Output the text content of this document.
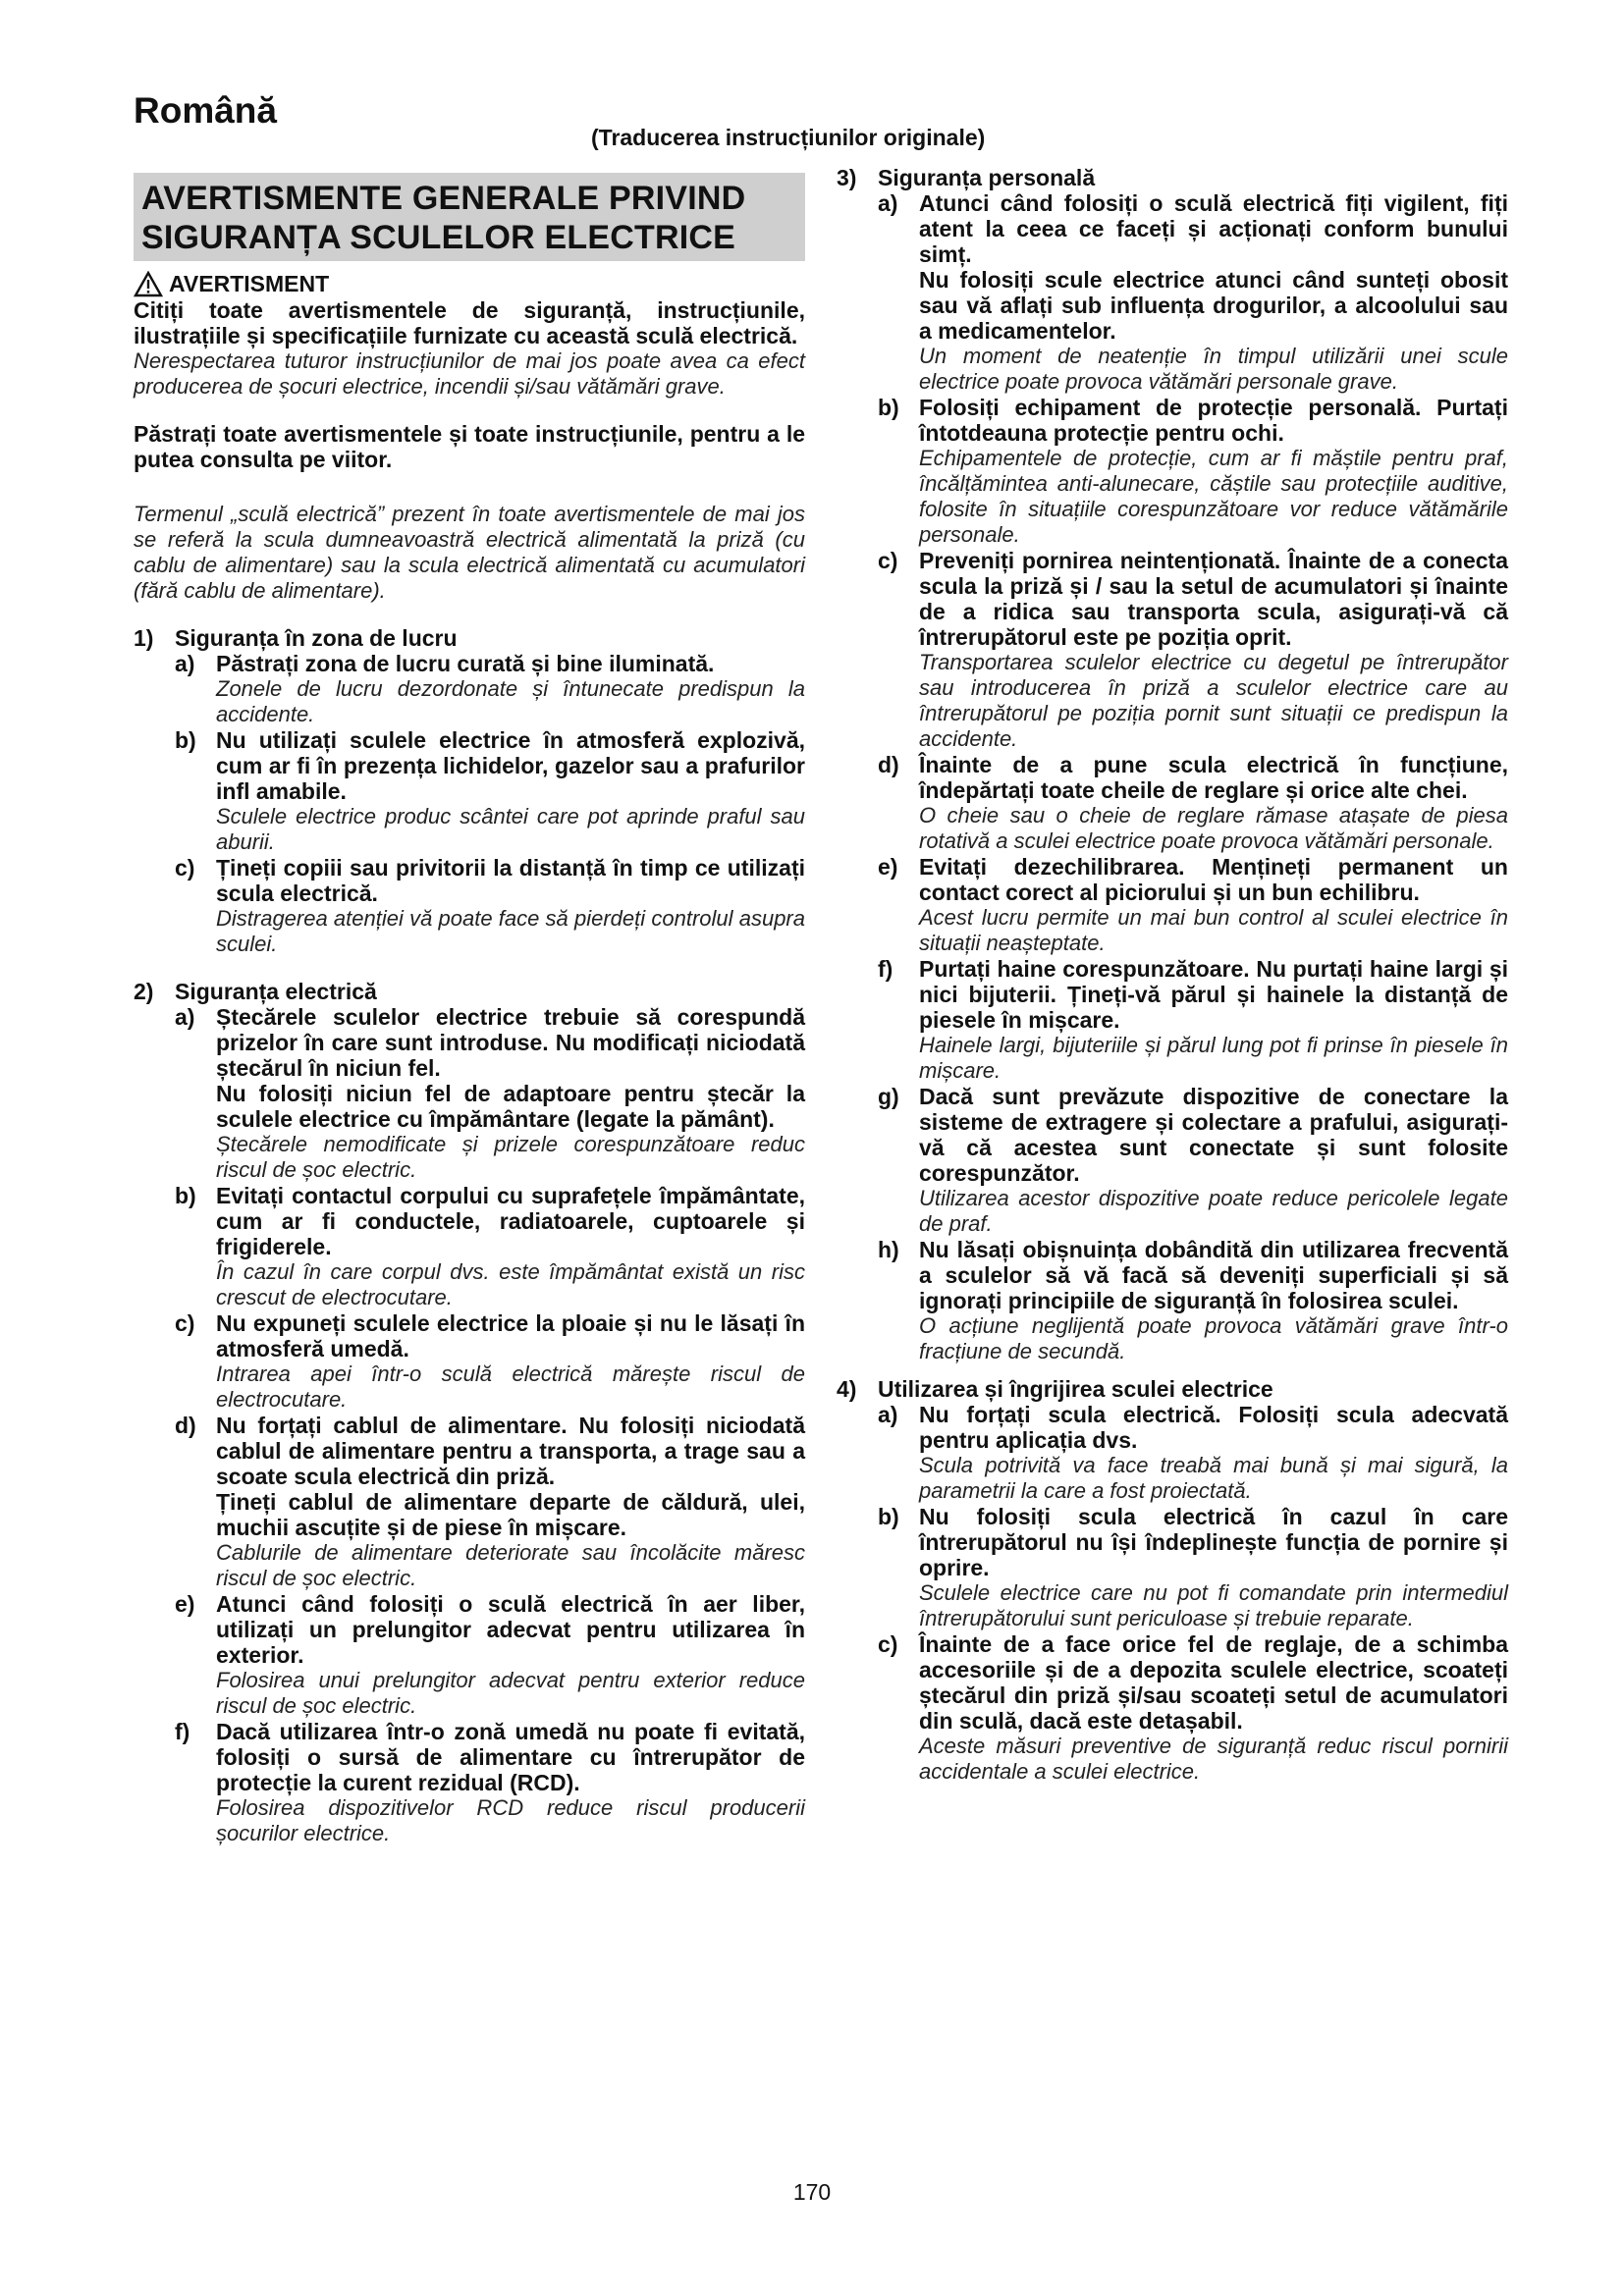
Română
(Traducerea instrucțiunilor originale)
AVERTISMENTE GENERALE PRIVIND
SIGURANȚA SCULELOR ELECTRICE
AVERTISMENT

Citiți toate avertismentele de siguranță, instrucțiunile, ilustrațiile și specificațiile furnizate cu această sculă electrică.

Nerespectarea tuturor instrucțiunilor de mai jos poate avea ca efect producerea de șocuri electrice, incendii și/sau vătămări grave.

Păstrați toate avertismentele și toate instrucțiunile, pentru a le putea consulta pe viitor.

Termenul „sculă electrică” prezent în toate avertismentele de mai jos se referă la scula dumneavoastră electrică alimentată la priză (cu cablu de alimentare) sau la scula electrică alimentată cu acumulatori (fără cablu de alimentare).

1) Siguranța în zona de lucru
a) Păstrați zona de lucru curată și bine iluminată.

Zonele de lucru dezordonate și întunecate predispun la accidente.

b) Nu utilizați sculele electrice în atmosferă explozivă, cum ar fi în prezența lichidelor, gazelor sau a prafurilor infl amabile.

Sculele electrice produc scântei care pot aprinde praful sau aburii.

c) Țineți copiii sau privitorii la distanță în timp ce utilizați scula electrică.

Distragerea atenției vă poate face să pierdeți controlul asupra sculei.

2) Siguranța electrică
a) Ștecărele sculelor electrice trebuie să corespundă prizelor în care sunt introduse. Nu modificați niciodată ștecărul în niciun fel.

Nu folosiți niciun fel de adaptoare pentru ștecăr la sculele electrice cu împământare (legate la pământ).

Ștecărele nemodificate și prizele corespunzătoare reduc riscul de șoc electric.

b) Evitați contactul corpului cu suprafețele împământate, cum ar fi conductele, radiatoarele, cuptoarele și frigiderele.

În cazul în care corpul dvs. este împământat există un risc crescut de electrocutare.

c) Nu expuneți sculele electrice la ploaie și nu le lăsați în atmosferă umedă.

Intrarea apei într-o sculă electrică mărește riscul de electrocutare.

d) Nu forțați cablul de alimentare. Nu folosiți niciodată cablul de alimentare pentru a transporta, a trage sau a scoate scula electrică din priză.

Țineți cablul de alimentare departe de căldură, ulei, muchii ascuțite și de piese în mișcare.

Cablurile de alimentare deteriorate sau încolăcite măresc riscul de șoc electric.

e) Atunci când folosiți o sculă electrică în aer liber, utilizați un prelungitor adecvat pentru utilizarea în exterior.

Folosirea unui prelungitor adecvat pentru exterior reduce riscul de șoc electric.

f)	Dacă utilizarea într-o zonă umedă nu poate fi evitată, folosiți o sursă de alimentare cu întrerupător de protecție la curent rezidual (RCD).

Folosirea dispozitivelor RCD reduce riscul producerii șocurilor electrice.

3) Siguranța personală
a) Atunci când folosiți o sculă electrică fiți vigilent, fiți atent la ceea ce faceți și acționați conform bunului simț.

Nu folosiți scule electrice atunci când sunteți obosit sau vă aflați sub influența drogurilor, a alcoolului sau a medicamentelor.

Un moment de neatenție în timpul utilizării unei scule electrice poate provoca vătămări personale grave.

b) Folosiți echipament de protecție personală. Purtați întotdeauna protecție pentru ochi.

Echipamentele de protecție, cum ar fi măștile pentru praf, încălțămintea anti-alunecare, căștile sau protecțiile auditive, folosite în situațiile corespunzătoare vor reduce vătămările personale.

c) Preveniți pornirea neintenționată. Înainte de a conecta scula la priză și / sau la setul de acumulatori și înainte de a ridica sau transporta scula, asigurați-vă că întrerupătorul este pe poziția oprit.

Transportarea sculelor electrice cu degetul pe întrerupător sau introducerea în priză a sculelor electrice care au întrerupătorul pe poziția pornit sunt situații ce predispun la accidente.

d) Înainte de a pune scula electrică în funcțiune, îndepărtați toate cheile de reglare și orice alte chei.

O cheie sau o cheie de reglare rămase atașate de piesa rotativă a sculei electrice poate provoca vătămări personale.

e) Evitați dezechilibrarea. Mențineți permanent un contact corect al piciorului și un bun echilibru.

Acest lucru permite un mai bun control al sculei electrice în situații neașteptate.

f)	Purtați haine corespunzătoare. Nu purtați haine largi și nici bijuterii. Țineți-vă părul și hainele la distanță de piesele în mișcare.

Hainele largi, bijuteriile și părul lung pot fi prinse în piesele în mișcare.

g) Dacă sunt prevăzute dispozitive de conectare la sisteme de extragere și colectare a prafului, asigurați-vă că acestea sunt conectate și sunt folosite corespunzător.

Utilizarea acestor dispozitive poate reduce pericolele legate de praf.

h) Nu lăsați obișnuința dobândită din utilizarea frecventă a sculelor să vă facă să deveniți superficiali și să ignorați principiile de siguranță în folosirea sculei.

O acțiune neglijentă poate provoca vătămări grave într-o fracțiune de secundă.

4) Utilizarea și îngrijirea sculei electrice
a) Nu forțați scula electrică. Folosiți scula adecvată pentru aplicația dvs.

Scula potrivită va face treabă mai bună și mai sigură, la parametrii la care a fost proiectată.

b) Nu folosiți scula electrică în cazul în care întrerupătorul nu își îndeplinește funcția de pornire și oprire.

Sculele electrice care nu pot fi comandate prin intermediul întrerupătorului sunt periculoase și trebuie reparate.

c) Înainte de a face orice fel de reglaje, de a schimba accesoriile și de a depozita sculele electrice, scoateți ștecărul din priză și/sau scoateți setul de acumulatori din sculă, dacă este detașabil.

Aceste măsuri preventive de siguranță reduc riscul pornirii accidentale a sculei electrice.

170
